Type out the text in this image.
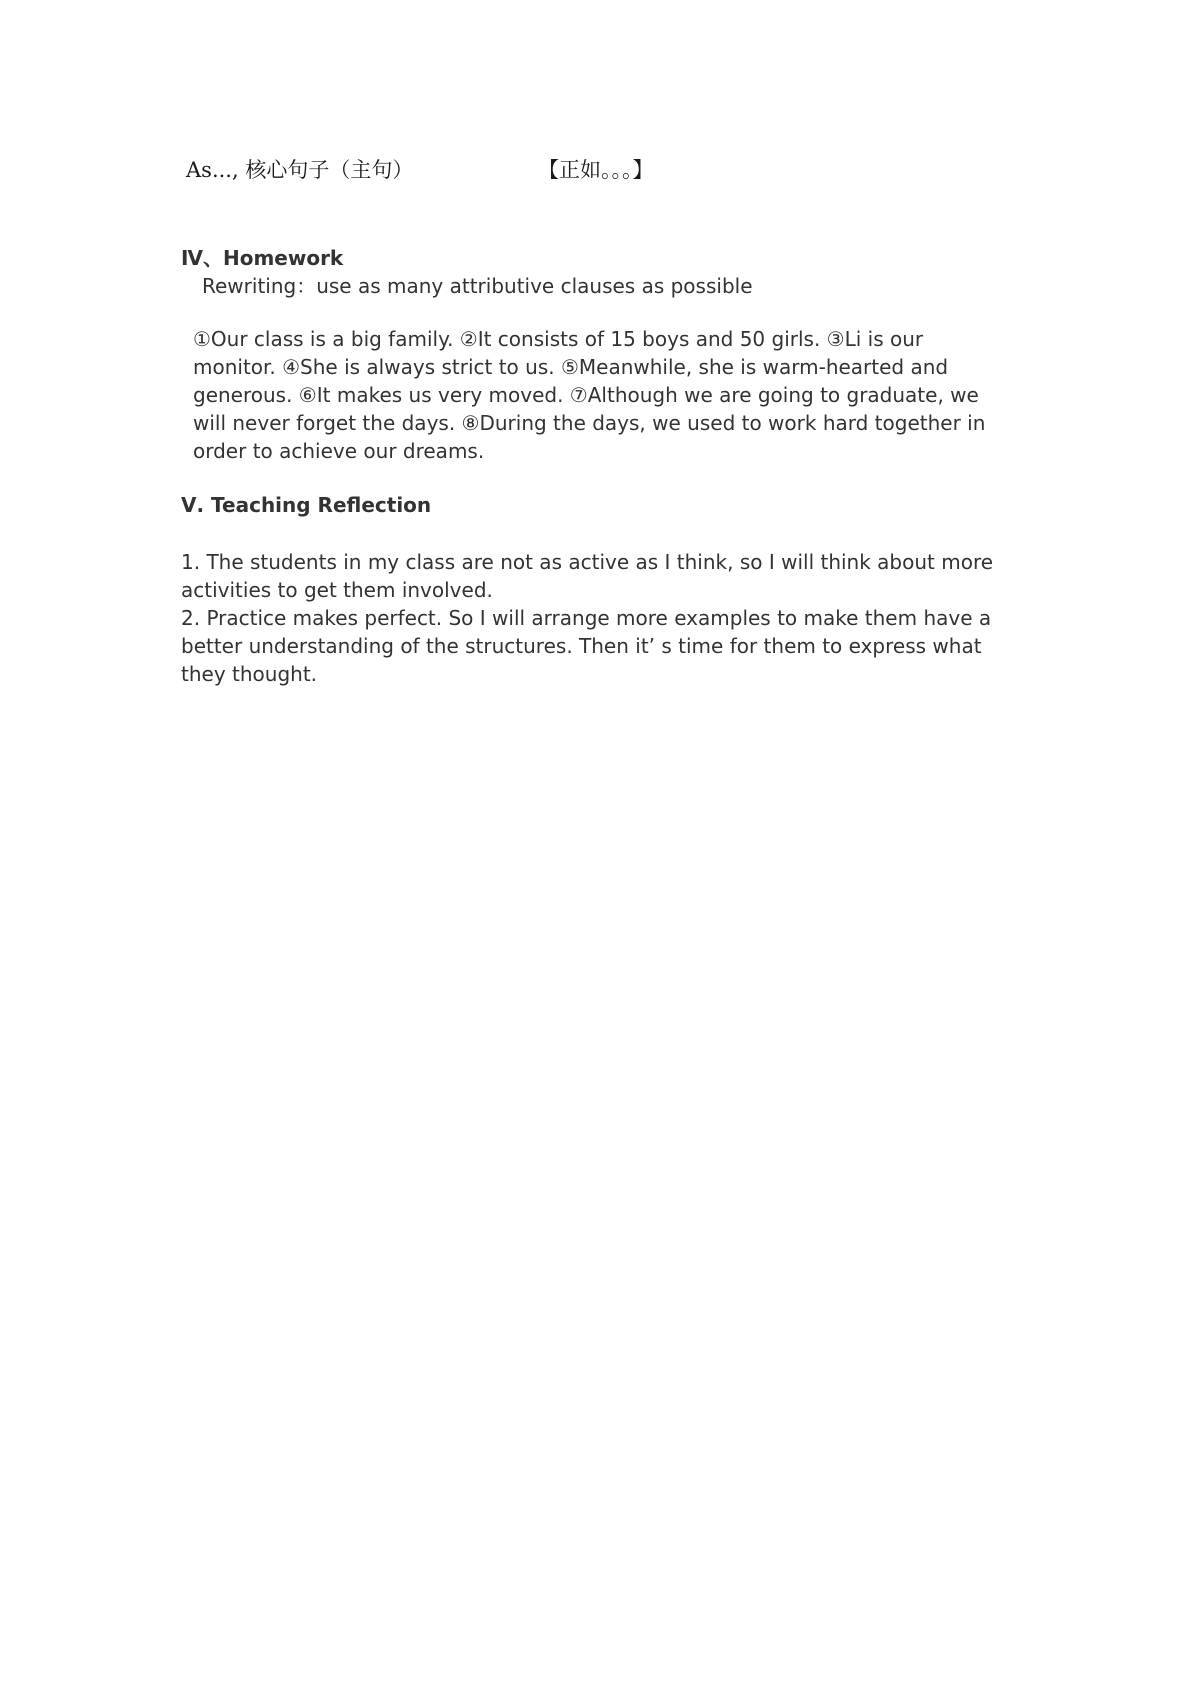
As..., 核心句子（主句）	【正如。。。】
Ⅳ、Homework
Rewriting：use as many attributive clauses as possible

①Our class is a big family. ②It consists of 15 boys and 50 girls. ③Li is our monitor. ④She is always strict to us. ⑤Meanwhile, she is warm-hearted and generous. ⑥It makes us very moved. ⑦Although we are going to graduate, we will never forget the days. ⑧During the days, we used to work hard together in order to achieve our dreams.

Ⅴ. Teaching Reflection

1. The students in my class are not as active as I think, so I will think about more activities to get them involved.

2. Practice makes perfect. So I will arrange more examples to make them have a better understanding of the structures. Then it’ s time for them to express what they thought.
